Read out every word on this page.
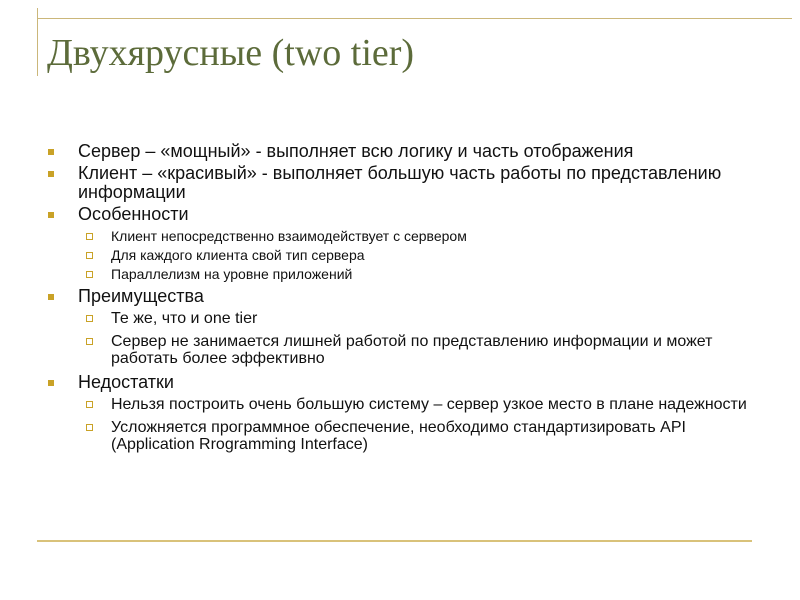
Двухярусные (two tier)
Сервер – «мощный» - выполняет всю логику и часть отображения
Клиент – «красивый» - выполняет большую часть работы по представлению информации
Особенности
Клиент непосредственно взаимодействует с сервером
Для каждого клиента свой тип сервера
Параллелизм на уровне приложений
Преимущества
Те же, что и one tier
Сервер не занимается лишней работой по представлению информации и может работать более эффективно
Недостатки
Нельзя построить очень большую систему – сервер узкое место в плане надежности
Усложняется программное обеспечение, необходимо стандартизировать API (Application Rrogramming Interface)
